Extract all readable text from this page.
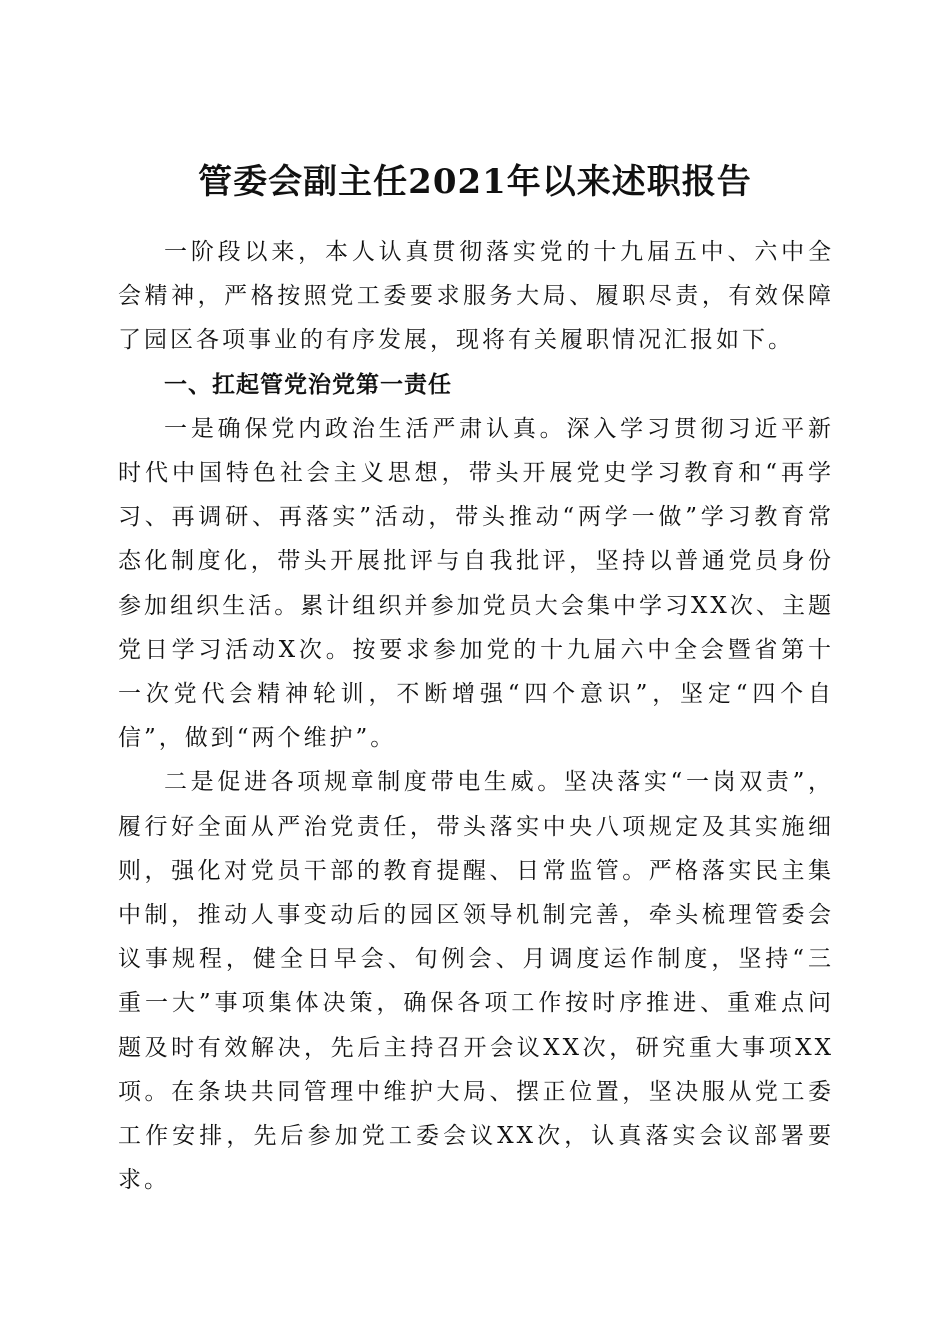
管委会副主任2021年以来述职报告

一阶段以来，本人认真贯彻落实党的十九届五中、六中全会精神，严格按照党工委要求服务大局、履职尽责，有效保障了园区各项事业的有序发展，现将有关履职情况汇报如下。

一、扛起管党治党第一责任

一是确保党内政治生活严肃认真。深入学习贯彻习近平新时代中国特色社会主义思想，带头开展党史学习教育和“再学习、再调研、再落实”活动，带头推动“两学一做”学习教育常态化制度化，带头开展批评与自我批评，坚持以普通党员身份参加组织生活。累计组织并参加党员大会集中学习XX次、主题党日学习活动X次。按要求参加党的十九届六中全会暨省第十一次党代会精神轮训，不断增强“四个意识”，坚定“四个自信”，做到“两个维护”。

二是促进各项规章制度带电生威。坚决落实“一岗双责”，履行好全面从严治党责任，带头落实中央八项规定及其实施细则，强化对党员干部的教育提醒、日常监管。严格落实民主集中制，推动人事变动后的园区领导机制完善，牵头梳理管委会议事规程，健全日早会、旬例会、月调度运作制度，坚持“三重一大”事项集体决策，确保各项工作按时序推进、重难点问题及时有效解决，先后主持召开会议XX次，研究重大事项XX项。在条块共同管理中维护大局、摆正位置，坚决服从党工委工作安排，先后参加党工委会议XX次，认真落实会议部署要求。
